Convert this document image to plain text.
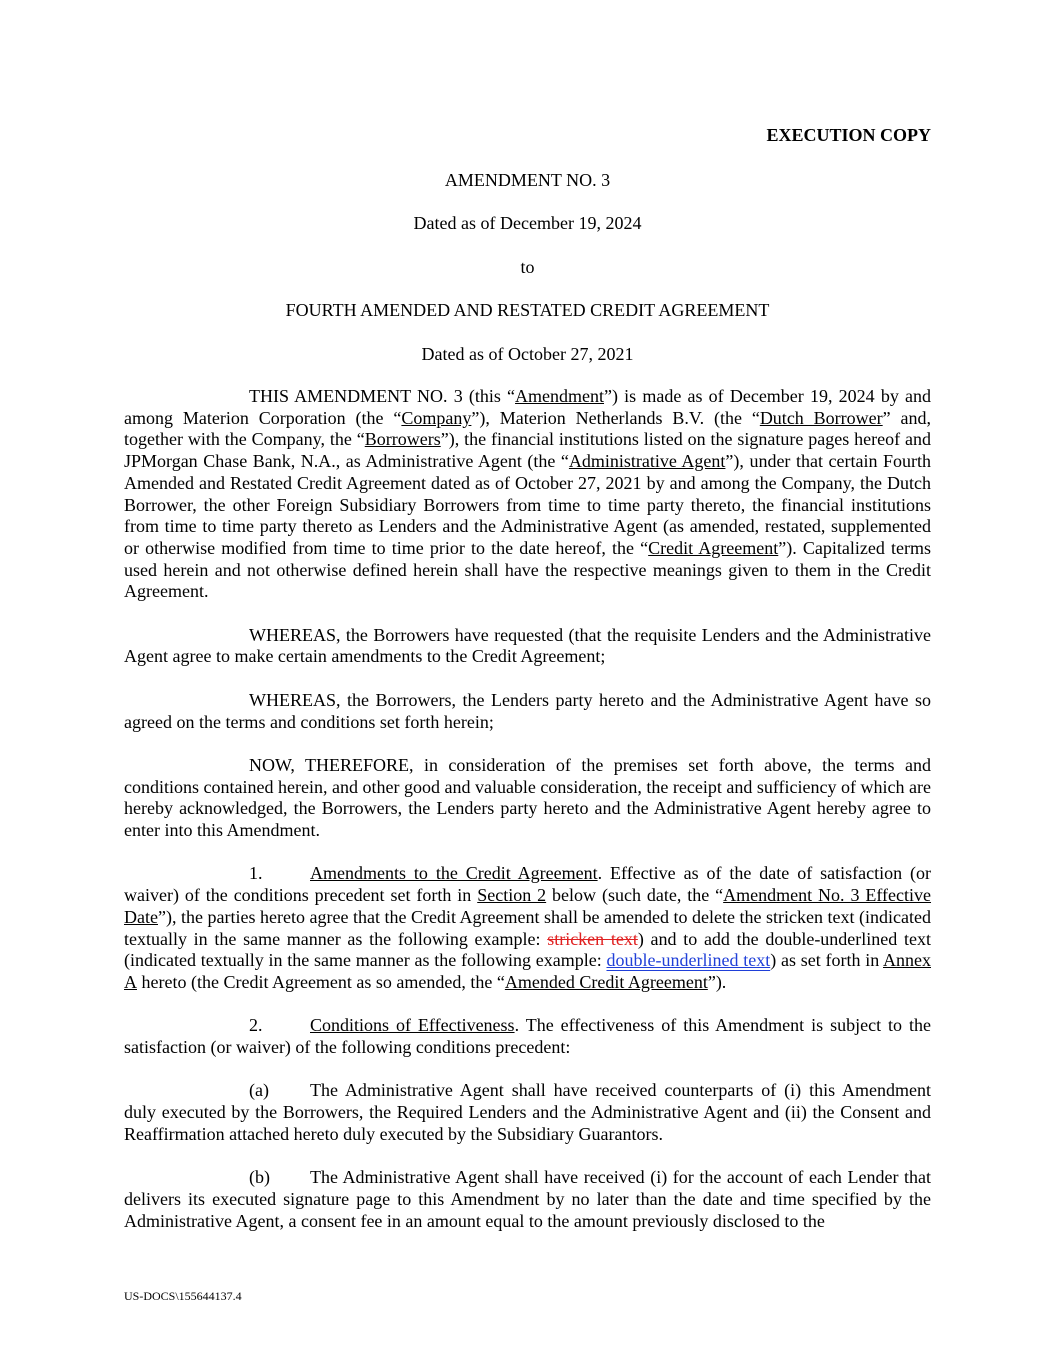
EXECUTION COPY
AMENDMENT NO. 3
Dated as of December 19, 2024
to
FOURTH AMENDED AND RESTATED CREDIT AGREEMENT
Dated as of October 27, 2021

THIS AMENDMENT NO. 3 (this “Amendment”) is made as of December 19, 2024 by and among Materion Corporation (the “Company”), Materion Netherlands B.V. (the “Dutch Borrower” and, together with the Company, the “Borrowers”), the financial institutions listed on the signature pages hereof and JPMorgan Chase Bank, N.A., as Administrative Agent (the “Administrative Agent”), under that certain Fourth Amended and Restated Credit Agreement dated as of October 27, 2021 by and among the Company, the Dutch Borrower, the other Foreign Subsidiary Borrowers from time to time party thereto, the financial institutions from time to time party thereto as Lenders and the Administrative Agent (as amended, restated, supplemented or otherwise modified from time to time prior to the date hereof, the “Credit Agreement”). Capitalized terms used herein and not otherwise defined herein shall have the respective meanings given to them in the Credit Agreement.

WHEREAS, the Borrowers have requested (that the requisite Lenders and the Administrative Agent agree to make certain amendments to the Credit Agreement;

WHEREAS, the Borrowers, the Lenders party hereto and the Administrative Agent have so agreed on the terms and conditions set forth herein;

NOW, THEREFORE, in consideration of the premises set forth above, the terms and conditions contained herein, and other good and valuable consideration, the receipt and sufficiency of which are hereby acknowledged, the Borrowers, the Lenders party hereto and the Administrative Agent hereby agree to enter into this Amendment.

1.	Amendments to the Credit Agreement. Effective as of the date of satisfaction (or waiver) of the conditions precedent set forth in Section 2 below (such date, the “Amendment No. 3 Effective Date”), the parties hereto agree that the Credit Agreement shall be amended to delete the stricken text (indicated textually in the same manner as the following example: stricken text) and to add the double-underlined text (indicated textually in the same manner as the following example: double-underlined text) as set forth in Annex A hereto (the Credit Agreement as so amended, the “Amended Credit Agreement”).

2.	Conditions of Effectiveness. The effectiveness of this Amendment is subject to the satisfaction (or waiver) of the following conditions precedent:

(a) The Administrative Agent shall have received counterparts of (i) this Amendment duly executed by the Borrowers, the Required Lenders and the Administrative Agent and (ii) the Consent and Reaffirmation attached hereto duly executed by the Subsidiary Guarantors.

(b) The Administrative Agent shall have received (i) for the account of each Lender that delivers its executed signature page to this Amendment by no later than the date and time specified by the Administrative Agent, a consent fee in an amount equal to the amount previously disclosed to the

US-DOCS\155644137.4
